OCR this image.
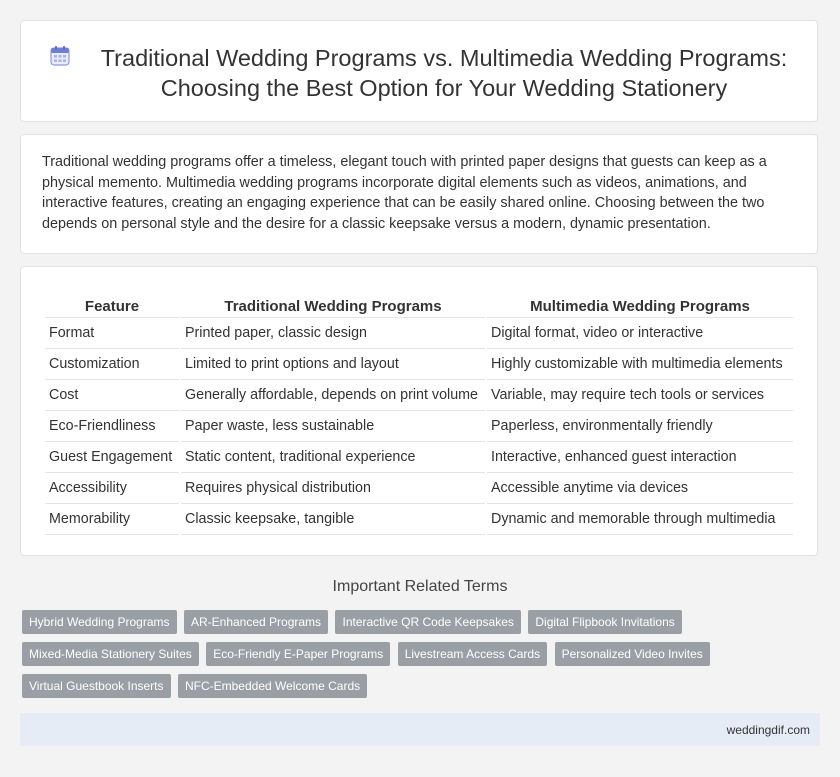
Traditional Wedding Programs vs. Multimedia Wedding Programs: Choosing the Best Option for Your Wedding Stationery

Traditional wedding programs offer a timeless, elegant touch with printed paper designs that guests can keep as a physical memento. Multimedia wedding programs incorporate digital elements such as videos, animations, and interactive features, creating an engaging experience that can be easily shared online. Choosing between the two depends on personal style and the desire for a classic keepsake versus a modern, dynamic presentation.

Feature	Traditional Wedding Programs	Multimedia Wedding Programs
Format	Printed paper, classic design	Digital format, video or interactive
Customization	Limited to print options and layout	Highly customizable with multimedia elements
Cost	Generally affordable, depends on print volume	Variable, may require tech tools or services
Eco-Friendliness	Paper waste, less sustainable	Paperless, environmentally friendly
Guest Engagement	Static content, traditional experience	Interactive, enhanced guest interaction
Accessibility	Requires physical distribution	Accessible anytime via devices
Memorability	Classic keepsake, tangible	Dynamic and memorable through multimedia
Important Related Terms
Hybrid Wedding Programs AR-Enhanced Programs Interactive QR Code Keepsakes Digital Flipbook Invitations Mixed-Media Stationery Suites Eco-Friendly E-Paper Programs Livestream Access Cards Personalized Video Invites Virtual Guestbook Inserts NFC-Embedded Welcome Cards
weddingdif.com
